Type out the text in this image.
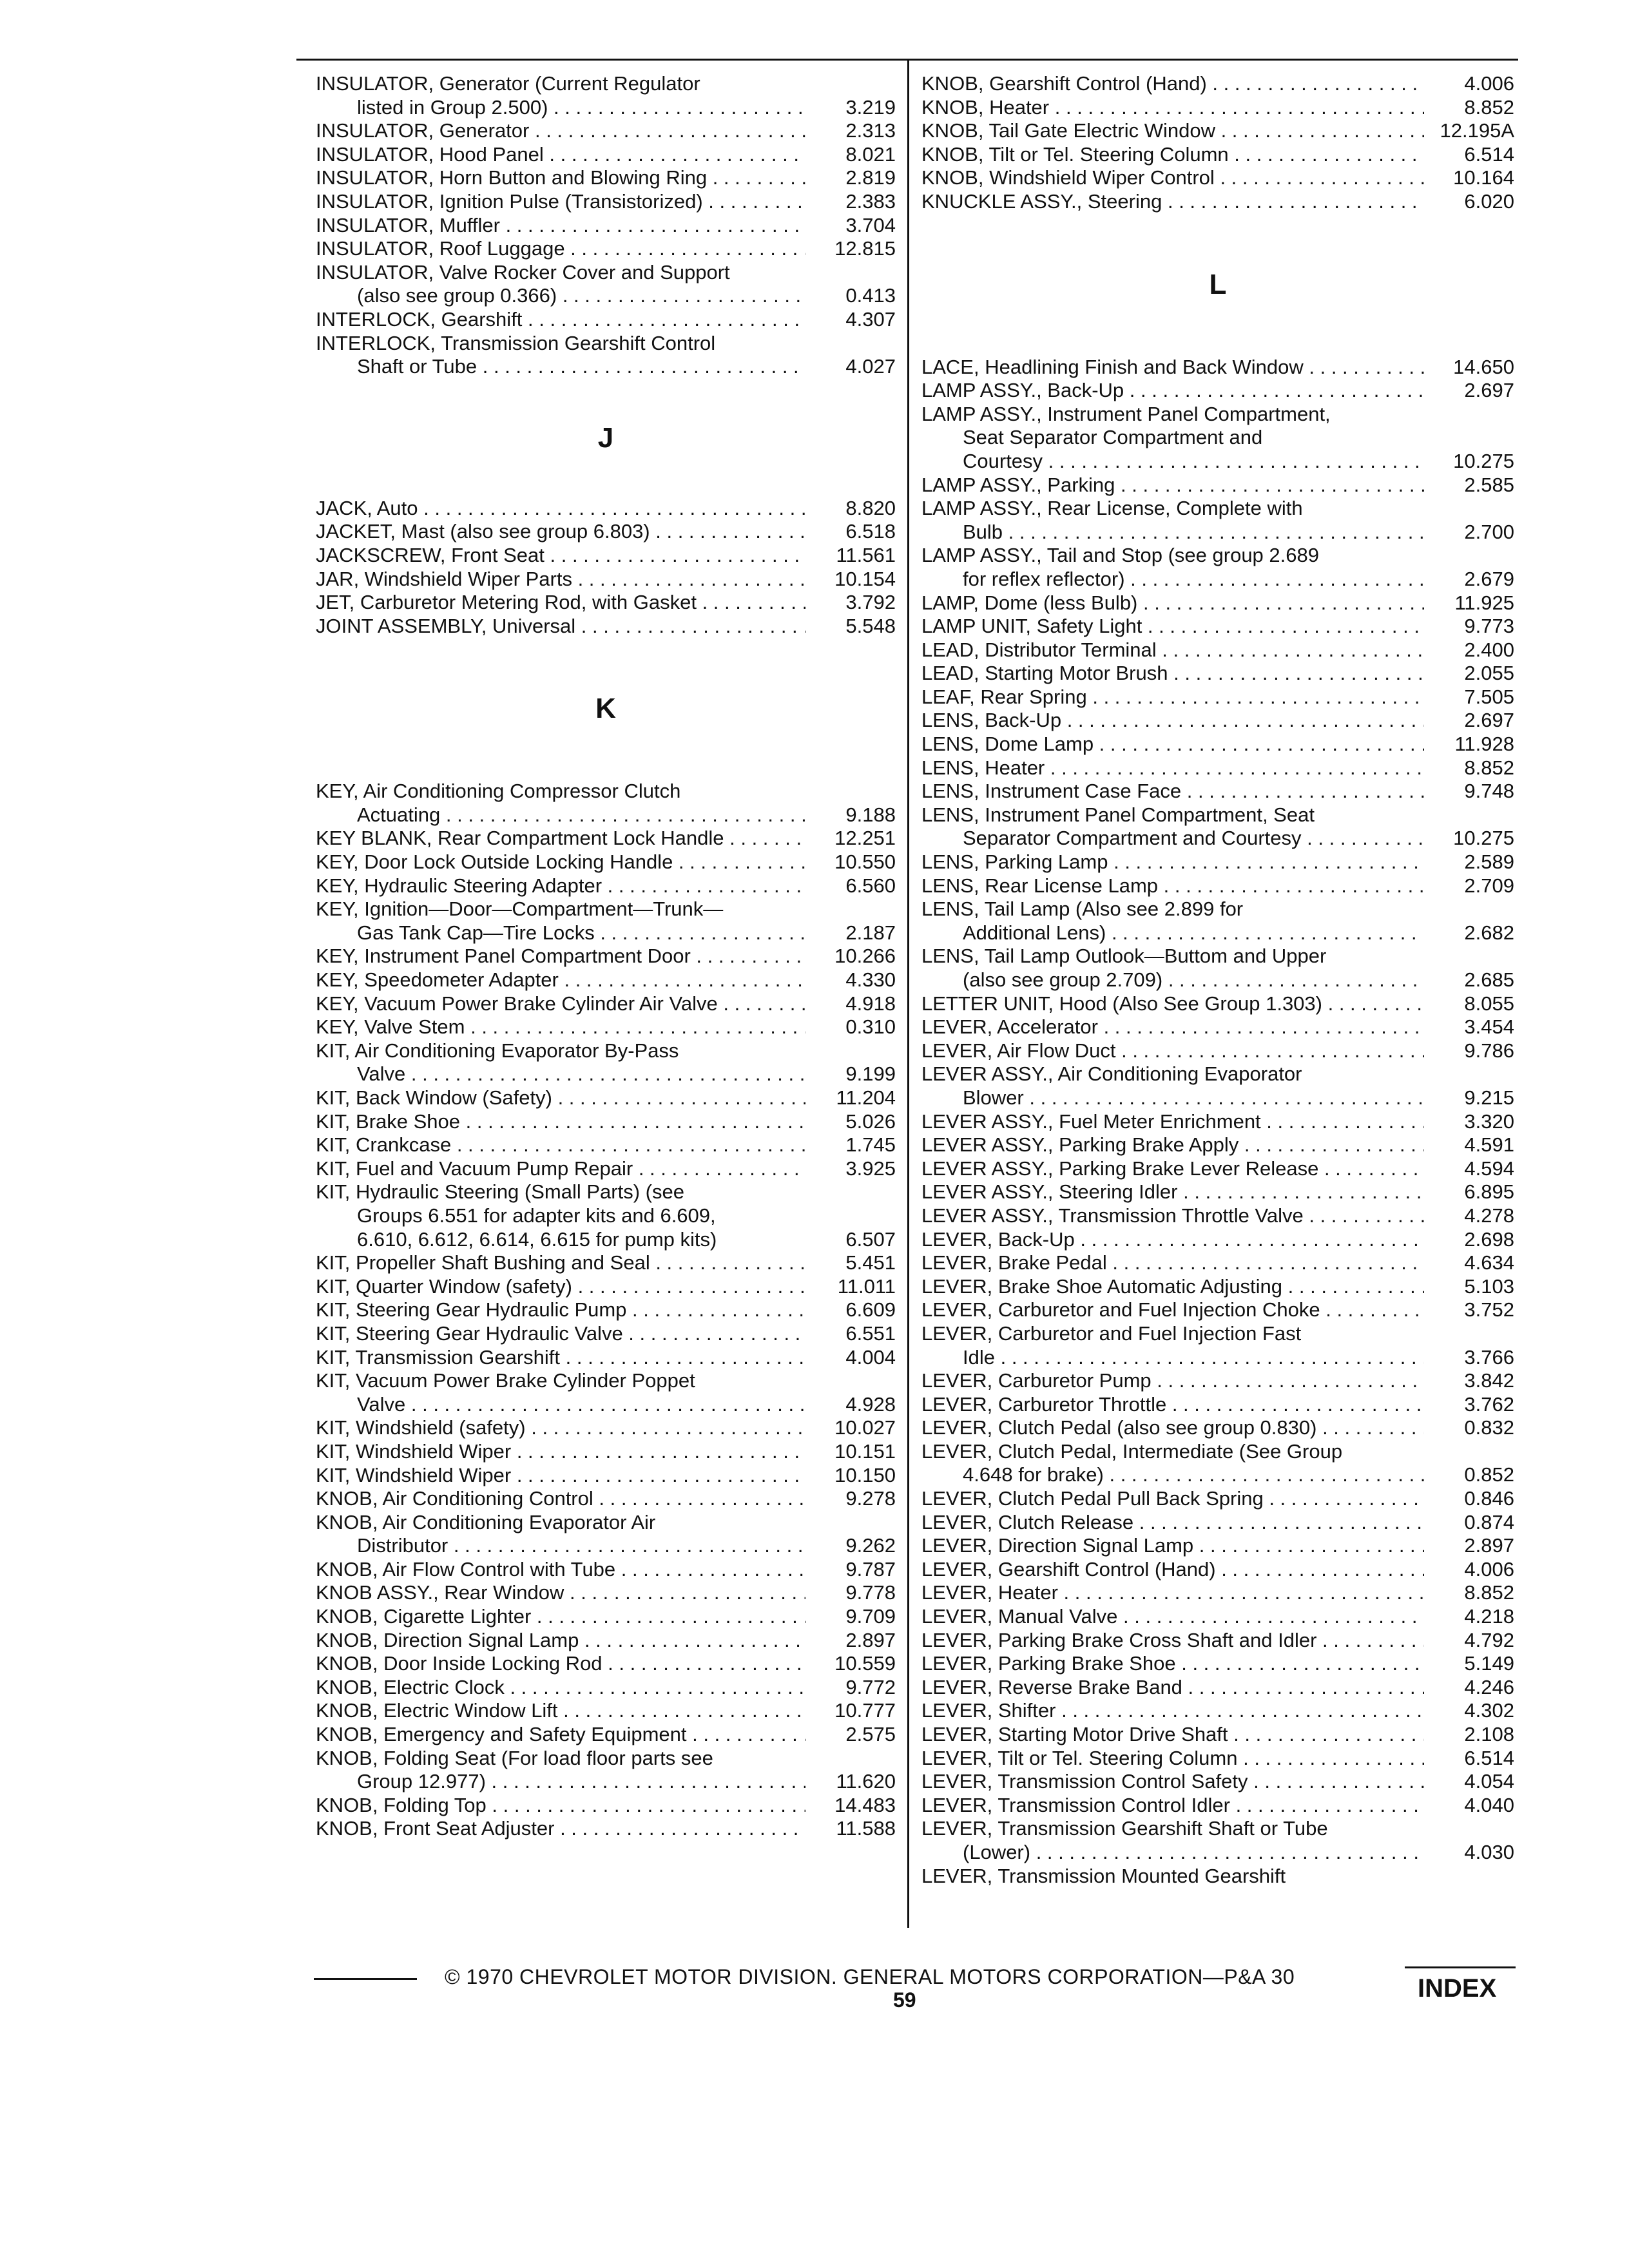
INSULATOR, Generator (Current Regulator
listed in Group 2.500) . . .	3.219
INSULATOR, Generator . . .	2.313
INSULATOR, Hood Panel . . .	8.021
INSULATOR, Horn Button and Blowing Ring . . .	2.819
INSULATOR, Ignition Pulse (Transistorized) . . .	2.383
INSULATOR, Muffler . . .	3.704
INSULATOR, Roof Luggage . . .	12.815
INSULATOR, Valve Rocker Cover and Support
(also see group 0.366) . . .	0.413
INTERLOCK, Gearshift . . .	4.307
INTERLOCK, Transmission Gearshift Control
Shaft or Tube . . .	4.027
J
JACK, Auto . . .	8.820
JACKET, Mast (also see group 6.803) . . .	6.518
JACKSCREW, Front Seat . . .	11.561
JAR, Windshield Wiper Parts . . .	10.154
JET, Carburetor Metering Rod, with Gasket . . .	3.792
JOINT ASSEMBLY, Universal . . .	5.548
K
KEY, Air Conditioning Compressor Clutch
Actuating . . .	9.188
KEY BLANK, Rear Compartment Lock Handle . . .	12.251
KEY, Door Lock Outside Locking Handle . . .	10.550
KEY, Hydraulic Steering Adapter . . .	6.560
KEY, Ignition—Door—Compartment—Trunk—
Gas Tank Cap—Tire Locks . . .	2.187
KEY, Instrument Panel Compartment Door . . .	10.266
KEY, Speedometer Adapter . . .	4.330
KEY, Vacuum Power Brake Cylinder Air Valve . . .	4.918
KEY, Valve Stem . . .	0.310
KIT, Air Conditioning Evaporator By-Pass
Valve . . .	9.199
KIT, Back Window (Safety) . . .	11.204
KIT, Brake Shoe . . .	5.026
KIT, Crankcase . . .	1.745
KIT, Fuel and Vacuum Pump Repair . . .	3.925
KIT, Hydraulic Steering (Small Parts) (see
Groups 6.551 for adapter kits and 6.609,
6.610, 6.612, 6.614, 6.615 for pump kits)	6.507
KIT, Propeller Shaft Bushing and Seal . . .	5.451
KIT, Quarter Window (safety) . . .	11.011
KIT, Steering Gear Hydraulic Pump . . .	6.609
KIT, Steering Gear Hydraulic Valve . . .	6.551
KIT, Transmission Gearshift . . .	4.004
KIT, Vacuum Power Brake Cylinder Poppet
Valve . . .	4.928
KIT, Windshield (safety) . . .	10.027
KIT, Windshield Wiper . . .	10.151
KIT, Windshield Wiper . . .	10.150
KNOB, Air Conditioning Control . . .	9.278
KNOB, Air Conditioning Evaporator Air
Distributor . . .	9.262
KNOB, Air Flow Control with Tube . . .	9.787
KNOB ASSY., Rear Window . . .	9.778
KNOB, Cigarette Lighter . . .	9.709
KNOB, Direction Signal Lamp . . .	2.897
KNOB, Door Inside Locking Rod . . .	10.559
KNOB, Electric Clock . . .	9.772
KNOB, Electric Window Lift . . .	10.777
KNOB, Emergency and Safety Equipment . . .	2.575
KNOB, Folding Seat (For load floor parts see
Group 12.977) . . .	11.620
KNOB, Folding Top . . .	14.483
KNOB, Front Seat Adjuster . . .	11.588
KNOB, Gearshift Control (Hand) . . .	4.006
KNOB, Heater . . .	8.852
KNOB, Tail Gate Electric Window . . .	12.195A
KNOB, Tilt or Tel. Steering Column . . .	6.514
KNOB, Windshield Wiper Control . . .	10.164
KNUCKLE ASSY., Steering . . .	6.020
L
LACE, Headlining Finish and Back Window . . .	14.650
LAMP ASSY., Back-Up . . .	2.697
LAMP ASSY., Instrument Panel Compartment,
Seat Separator Compartment and
Courtesy . . .	10.275
LAMP ASSY., Parking . . .	2.585
LAMP ASSY., Rear License, Complete with
Bulb . . .	2.700
LAMP ASSY., Tail and Stop (see group 2.689
for reflex reflector) . . .	2.679
LAMP, Dome (less Bulb) . . .	11.925
LAMP UNIT, Safety Light . . .	9.773
LEAD, Distributor Terminal . . .	2.400
LEAD, Starting Motor Brush . . .	2.055
LEAF, Rear Spring . . .	7.505
LENS, Back-Up . . .	2.697
LENS, Dome Lamp . . .	11.928
LENS, Heater . . .	8.852
LENS, Instrument Case Face . . .	9.748
LENS, Instrument Panel Compartment, Seat
Separator Compartment and Courtesy . . .	10.275
LENS, Parking Lamp . . .	2.589
LENS, Rear License Lamp . . .	2.709
LENS, Tail Lamp (Also see 2.899 for
Additional Lens) . . .	2.682
LENS, Tail Lamp Outlook—Buttom and Upper
(also see group 2.709) . . .	2.685
LETTER UNIT, Hood (Also See Group 1.303) . . .	8.055
LEVER, Accelerator . . .	3.454
LEVER, Air Flow Duct . . .	9.786
LEVER ASSY., Air Conditioning Evaporator
Blower . . .	9.215
LEVER ASSY., Fuel Meter Enrichment . . .	3.320
LEVER ASSY., Parking Brake Apply . . .	4.591
LEVER ASSY., Parking Brake Lever Release . . .	4.594
LEVER ASSY., Steering Idler . . .	6.895
LEVER ASSY., Transmission Throttle Valve . . .	4.278
LEVER, Back-Up . . .	2.698
LEVER, Brake Pedal . . .	4.634
LEVER, Brake Shoe Automatic Adjusting . . .	5.103
LEVER, Carburetor and Fuel Injection Choke . . .	3.752
LEVER, Carburetor and Fuel Injection Fast
Idle . . .	3.766
LEVER, Carburetor Pump . . .	3.842
LEVER, Carburetor Throttle . . .	3.762
LEVER, Clutch Pedal (also see group 0.830) . . .	0.832
LEVER, Clutch Pedal, Intermediate (See Group
4.648 for brake) . . .	0.852
LEVER, Clutch Pedal Pull Back Spring . . .	0.846
LEVER, Clutch Release . . .	0.874
LEVER, Direction Signal Lamp . . .	2.897
LEVER, Gearshift Control (Hand) . . .	4.006
LEVER, Heater . . .	8.852
LEVER, Manual Valve . . .	4.218
LEVER, Parking Brake Cross Shaft and Idler . . .	4.792
LEVER, Parking Brake Shoe . . .	5.149
LEVER, Reverse Brake Band . . .	4.246
LEVER, Shifter . . .	4.302
LEVER, Starting Motor Drive Shaft . . .	2.108
LEVER, Tilt or Tel. Steering Column . . .	6.514
LEVER, Transmission Control Safety . . .	4.054
LEVER, Transmission Control Idler . . .	4.040
LEVER, Transmission Gearshift Shaft or Tube
(Lower) . . .	4.030
LEVER, Transmission Mounted Gearshift
© 1970 CHEVROLET MOTOR DIVISION. GENERAL MOTORS CORPORATION—P&A 30
59	INDEX
